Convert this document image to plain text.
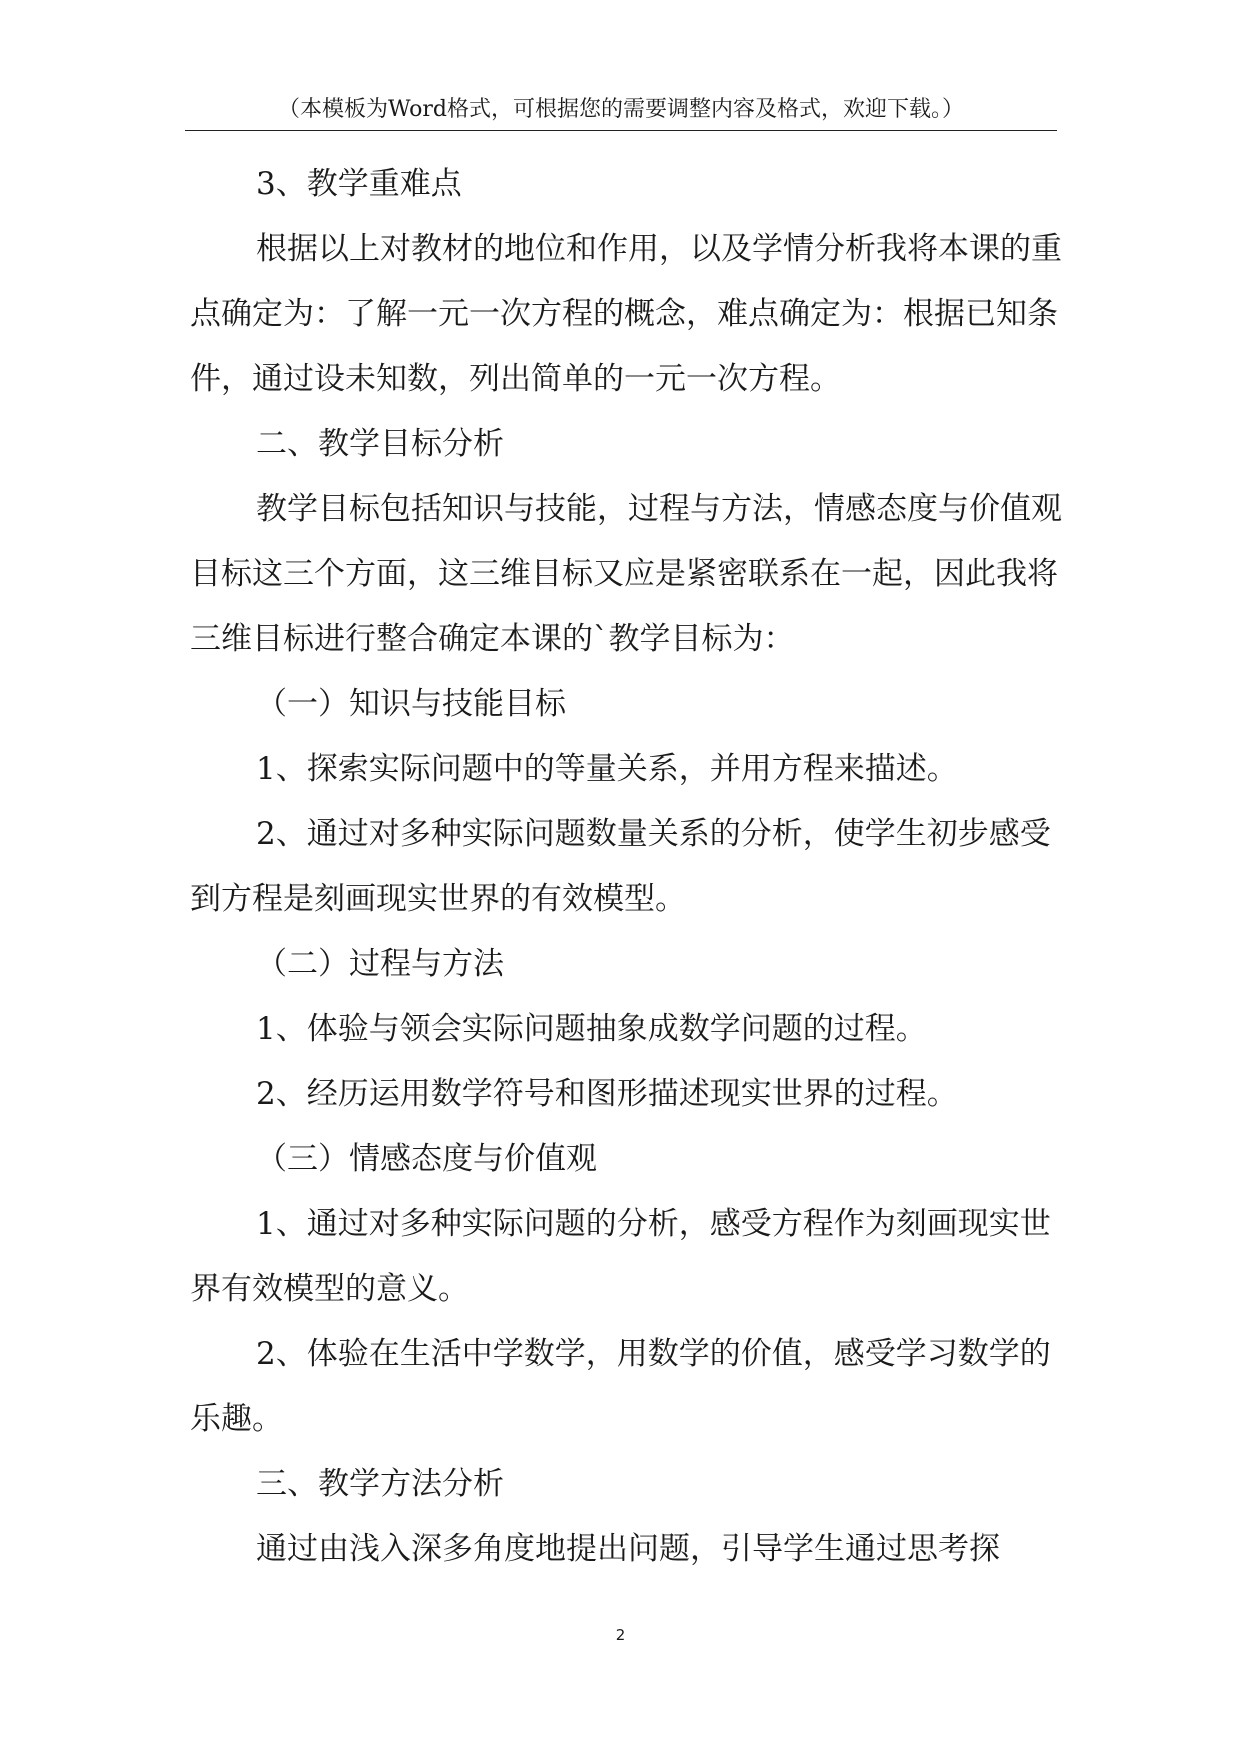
（本模板为Word格式，可根据您的需要调整内容及格式，欢迎下载。）

3、教学重难点

根据以上对教材的地位和作用，以及学情分析我将本课的重点确定为：了解一元一次方程的概念，难点确定为：根据已知条件，通过设未知数，列出简单的一元一次方程。

二、教学目标分析

教学目标包括知识与技能，过程与方法，情感态度与价值观目标这三个方面，这三维目标又应是紧密联系在一起，因此我将三维目标进行整合确定本课的`教学目标为：

（一）知识与技能目标

1、探索实际问题中的等量关系，并用方程来描述。

2、通过对多种实际问题数量关系的分析，使学生初步感受到方程是刻画现实世界的有效模型。

（二）过程与方法

1、体验与领会实际问题抽象成数学问题的过程。

2、经历运用数学符号和图形描述现实世界的过程。

（三）情感态度与价值观

1、通过对多种实际问题的分析，感受方程作为刻画现实世界有效模型的意义。

2、体验在生活中学数学，用数学的价值，感受学习数学的乐趣。

三、教学方法分析

通过由浅入深多角度地提出问题，引导学生通过思考探

2
